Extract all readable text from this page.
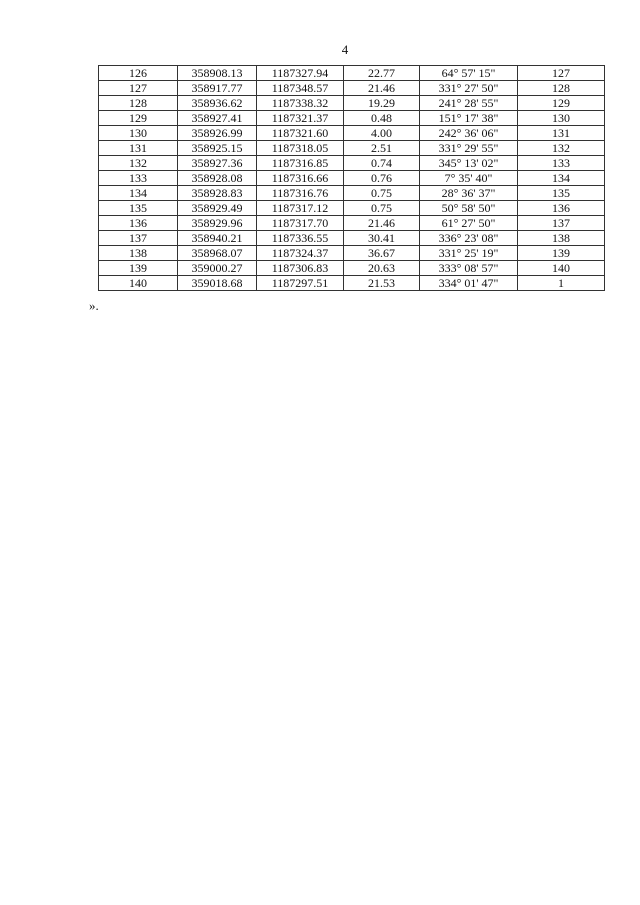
4
126	358908.13	1187327.94	22.77	64° 57' 15"	127
127	358917.77	1187348.57	21.46	331° 27' 50"	128
128	358936.62	1187338.32	19.29	241° 28' 55"	129
129	358927.41	1187321.37	0.48	151° 17' 38"	130
130	358926.99	1187321.60	4.00	242° 36' 06"	131
131	358925.15	1187318.05	2.51	331° 29' 55"	132
132	358927.36	1187316.85	0.74	345° 13' 02"	133
133	358928.08	1187316.66	0.76	7° 35' 40"	134
134	358928.83	1187316.76	0.75	28° 36' 37"	135
135	358929.49	1187317.12	0.75	50° 58' 50"	136
136	358929.96	1187317.70	21.46	61° 27' 50"	137
137	358940.21	1187336.55	30.41	336° 23' 08"	138
138	358968.07	1187324.37	36.67	331° 25' 19"	139
139	359000.27	1187306.83	20.63	333° 08' 57"	140
140	359018.68	1187297.51	21.53	334° 01' 47"	1
».
